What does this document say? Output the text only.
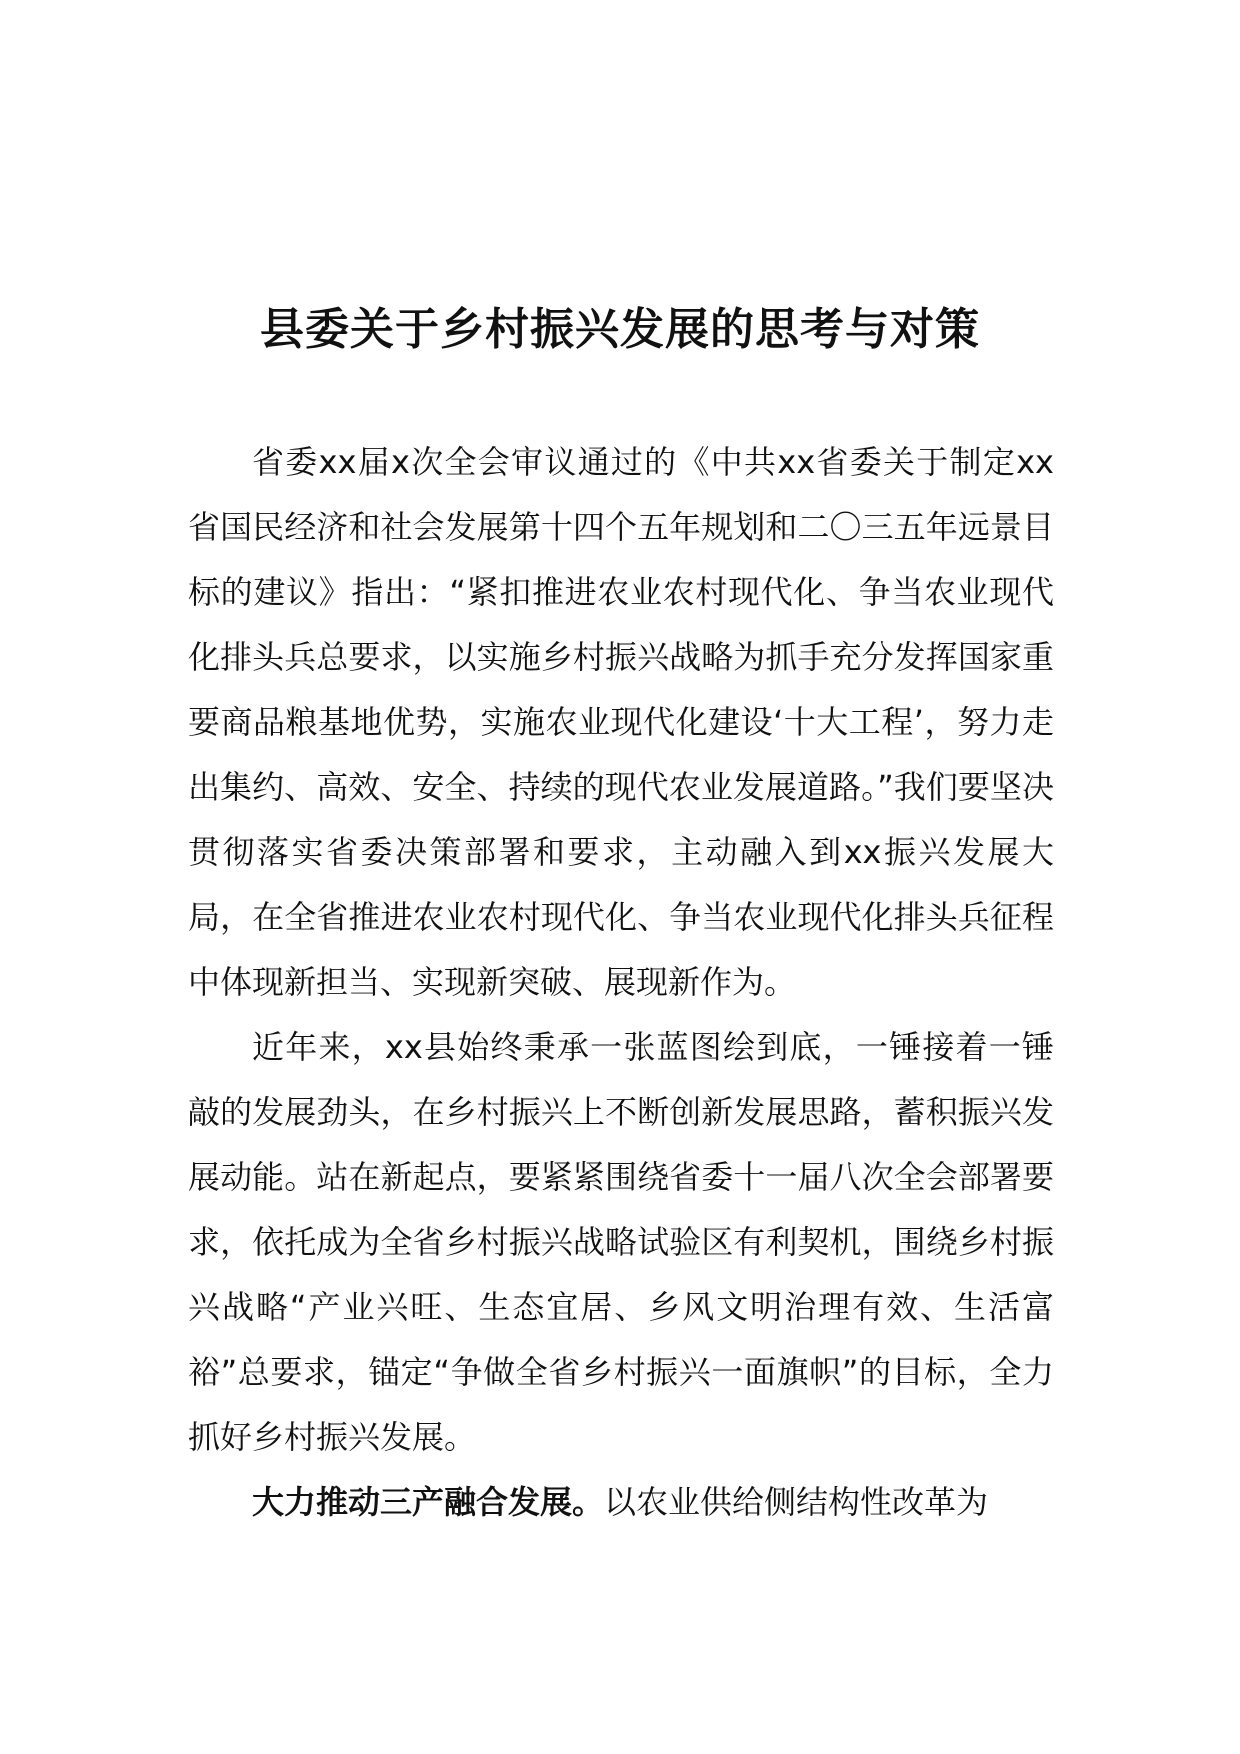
县委关于乡村振兴发展的思考与对策

省委xx届x次全会审议通过的《中共xx省委关于制定xx省国民经济和社会发展第十四个五年规划和二〇三五年远景目标的建议》指出：“紧扣推进农业农村现代化、争当农业现代化排头兵总要求，以实施乡村振兴战略为抓手充分发挥国家重要商品粮基地优势，实施农业现代化建设‘十大工程’，努力走出集约、高效、安全、持续的现代农业发展道路。”我们要坚决贯彻落实省委决策部署和要求，主动融入到xx振兴发展大局，在全省推进农业农村现代化、争当农业现代化排头兵征程中体现新担当、实现新突破、展现新作为。

近年来，xx县始终秉承一张蓝图绘到底，一锤接着一锤敲的发展劲头，在乡村振兴上不断创新发展思路，蓄积振兴发展动能。站在新起点，要紧紧围绕省委十一届八次全会部署要求，依托成为全省乡村振兴战略试验区有利契机，围绕乡村振兴战略“产业兴旺、生态宜居、乡风文明治理有效、生活富裕”总要求，锚定“争做全省乡村振兴一面旗帜”的目标，全力抓好乡村振兴发展。

大力推动三产融合发展。以农业供给侧结构性改革为
